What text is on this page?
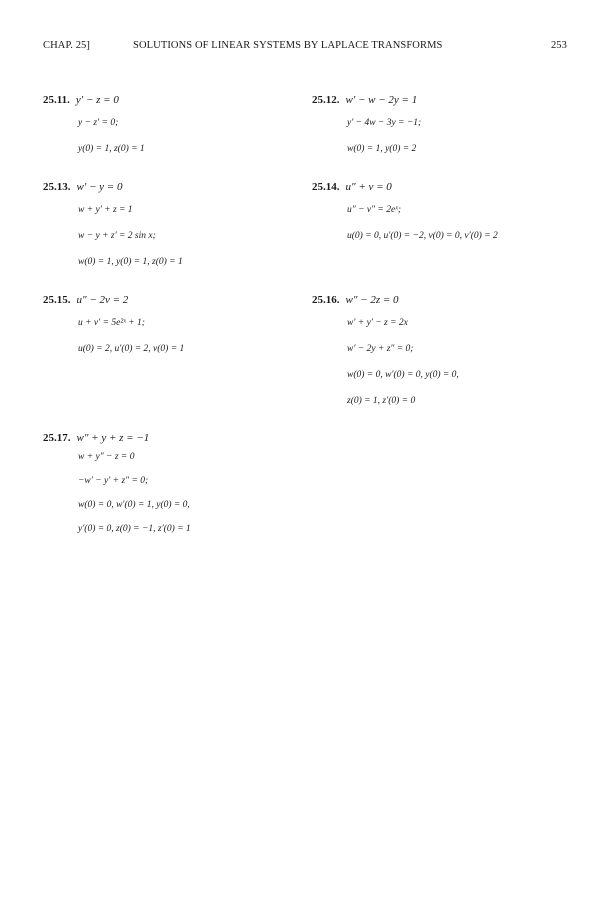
CHAP. 25]	SOLUTIONS OF LINEAR SYSTEMS BY LAPLACE TRANSFORMS	253
25.11. y′ − z = 0
y − z′ = 0;
y(0) = 1, z(0) = 1
25.12. w′ − w − 2y = 1
y′ − 4w − 3y = −1;
w(0) = 1, y(0) = 2
25.13. w′ − y = 0
w + y′ + z = 1
w − y + z′ = 2 sin x;
w(0) = 1, y(0) = 1, z(0) = 1
25.14. u″ + v = 0
u″ − v″ = 2eˣ;
u(0) = 0, u′(0) = −2, v(0) = 0, v′(0) = 2
25.15. u″ − 2v = 2
u + v′ = 5e²ˣ + 1;
u(0) = 2, u′(0) = 2, v(0) = 1
25.16. w″ − 2z = 0
w′ + y′ − z = 2x
w′ − 2y + z″ = 0;
w(0) = 0, w′(0) = 0, y(0) = 0,
z(0) = 1, z′(0) = 0
25.17. w″ + y + z = −1
w + y″ − z = 0
−w′ − y′ + z″ = 0;
w(0) = 0, w′(0) = 1, y(0) = 0,
y′(0) = 0, z(0) = −1, z′(0) = 1
